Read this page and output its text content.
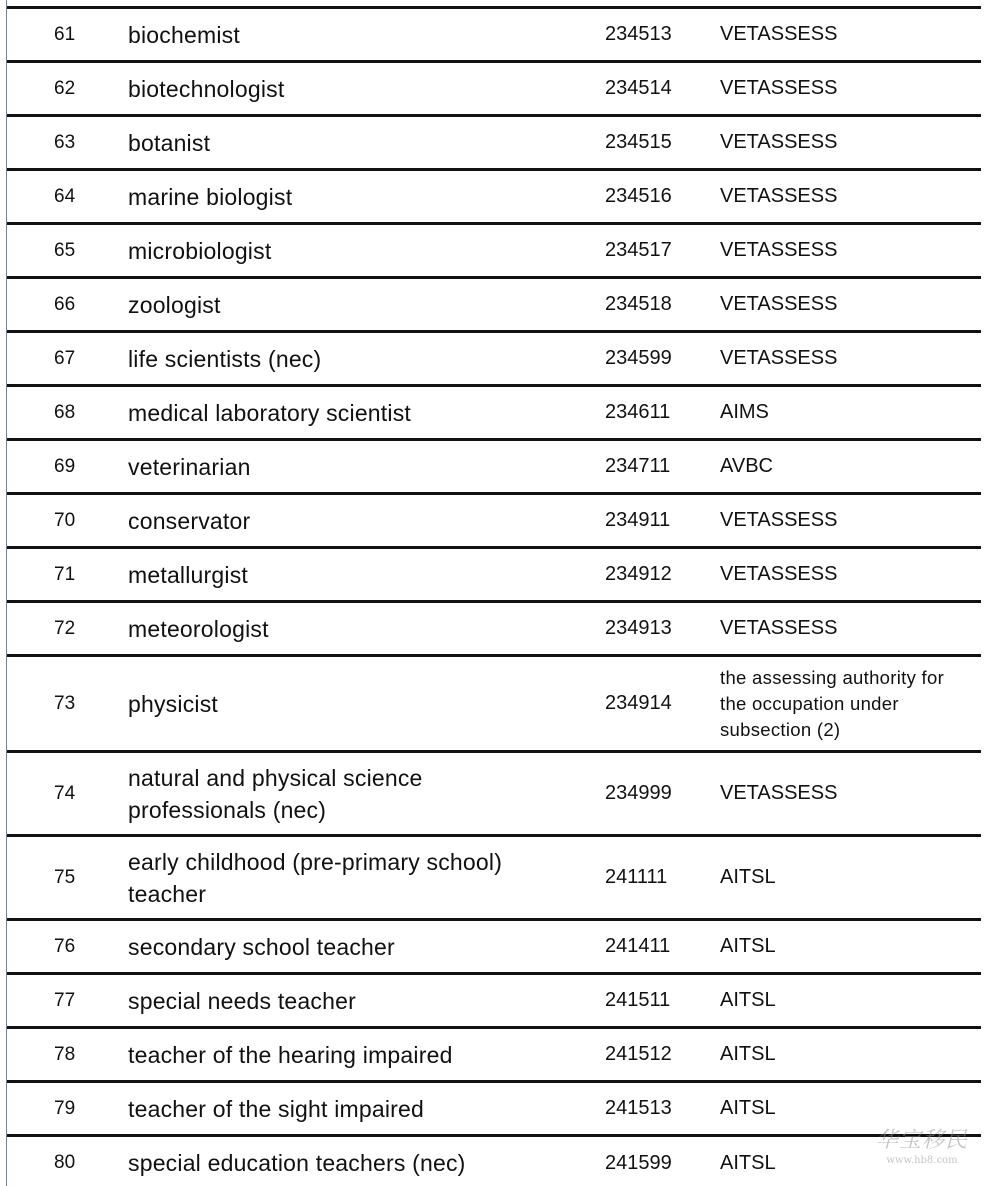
61	biochemist	234513	VETASSESS
62	biotechnologist	234514	VETASSESS
63	botanist	234515	VETASSESS
64	marine biologist	234516	VETASSESS
65	microbiologist	234517	VETASSESS
66	zoologist	234518	VETASSESS
67	life scientists (nec)	234599	VETASSESS
68	medical laboratory scientist	234611	AIMS
69	veterinarian	234711	AVBC
70	conservator	234911	VETASSESS
71	metallurgist	234912	VETASSESS
72	meteorologist	234913	VETASSESS
73	physicist	234914	the assessing authority for the occupation under subsection (2)
74	natural and physical science professionals (nec)	234999	VETASSESS
75	early childhood (pre-primary school) teacher	241111	AITSL
76	secondary school teacher	241411	AITSL
77	special needs teacher	241511	AITSL
78	teacher of the hearing impaired	241512	AITSL
79	teacher of the sight impaired	241513	AITSL
80	special education teachers (nec)	241599	AITSL
华宝移民
www.hb8.com
